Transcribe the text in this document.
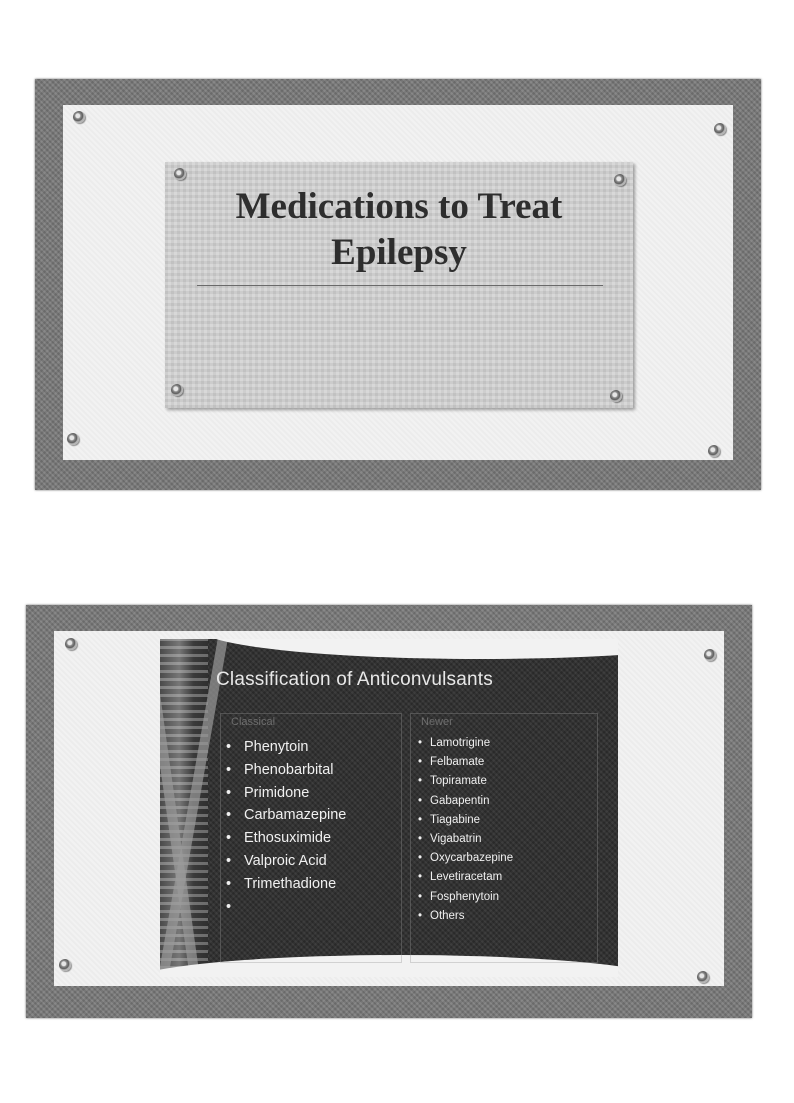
Medications to Treat
Epilepsy
Classification of Anticonvulsants
Classical	Newer
• Phenytoin
• Phenobarbital
• Primidone
• Carbamazepine
• Ethosuximide
• Valproic Acid
• Trimethadione
•
• Lamotrigine
• Felbamate
• Topiramate
• Gabapentin
• Tiagabine
• Vigabatrin
• Oxycarbazepine
• Levetiracetam
• Fosphenytoin
• Others
